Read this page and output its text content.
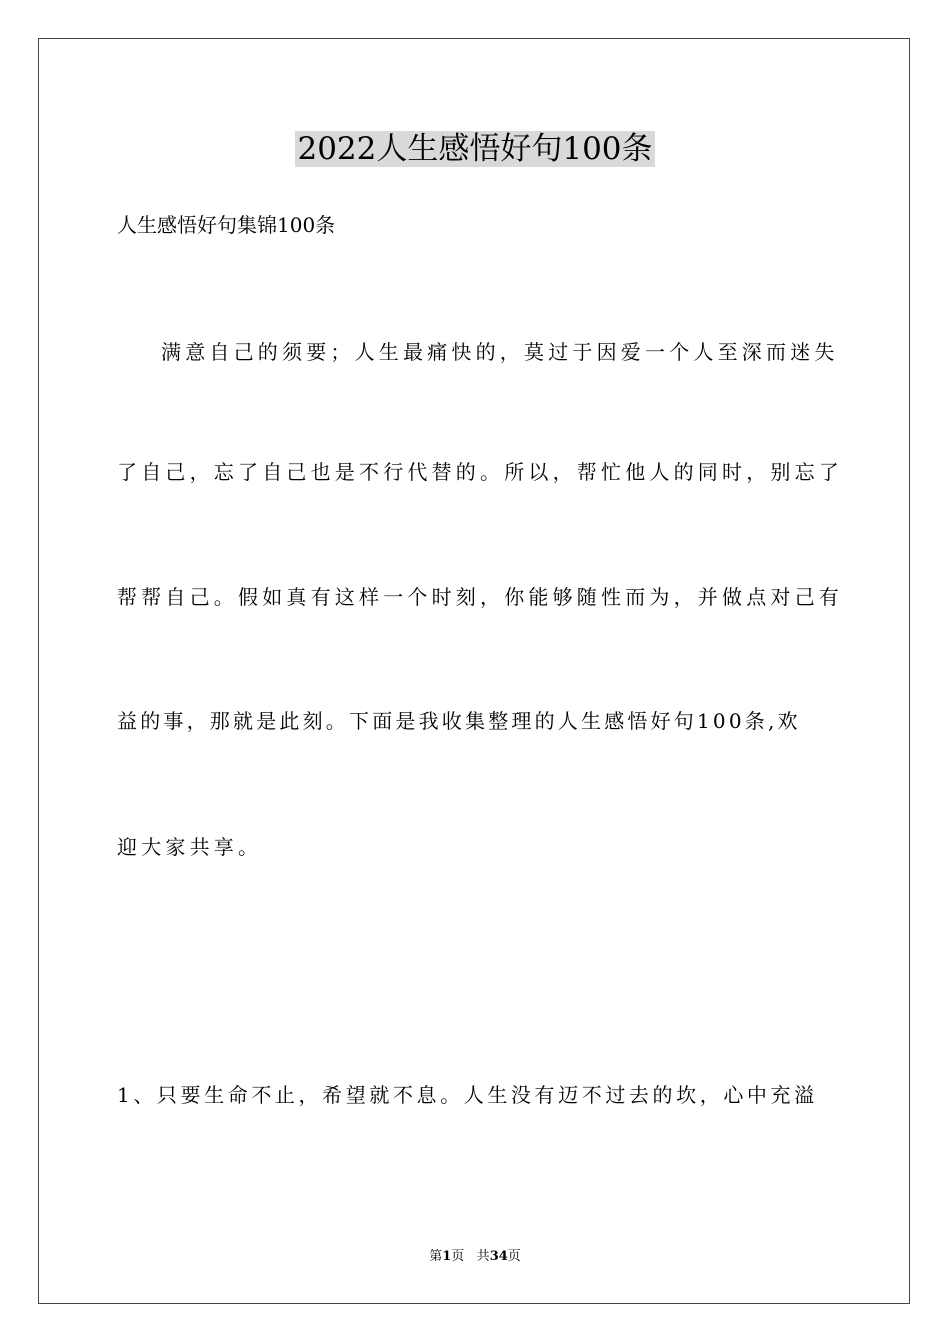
2022人生感悟好句100条
人生感悟好句集锦100条
满意自己的须要；人生最痛快的，莫过于因爱一个人至深而迷失
了自己，忘了自己也是不行代替的。所以，帮忙他人的同时，别忘了
帮帮自己。假如真有这样一个时刻，你能够随性而为，并做点对己有
益的事，那就是此刻。下面是我收集整理的人生感悟好句100条,欢
迎大家共享。
1、只要生命不止，希望就不息。人生没有迈不过去的坎，心中充溢
第1页 共34页
